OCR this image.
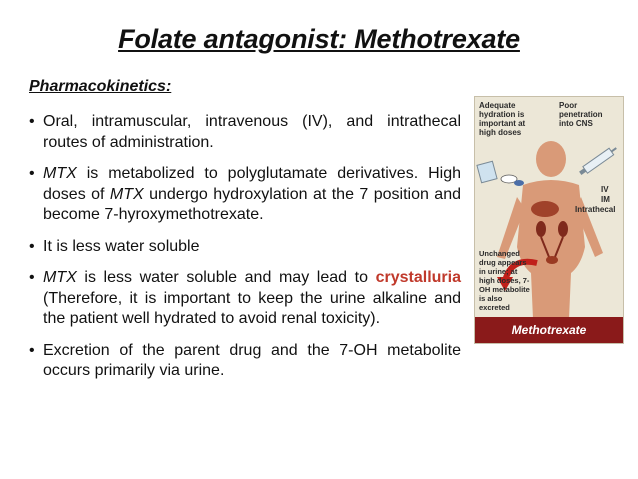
Folate antagonist: Methotrexate
Pharmacokinetics:
• Oral, intramuscular, intravenous (IV), and intrathecal routes of administration.
• MTX is metabolized to polyglutamate derivatives. High doses of MTX undergo hydroxylation at the 7 position and become 7-hyroxymethotrexate.
• It is less water soluble
• MTX is less water soluble and may lead to crystalluria (Therefore, it is important to keep the urine alkaline and the patient well hydrated to avoid renal toxicity).
• Excretion of the parent drug and the 7-OH metabolite occurs primarily via urine.
Adequate hydration is important at high doses
Poor penetration into CNS
IV
IM
Intrathecal
Unchanged drug appears in urine; at high doses, 7-OH metabolite is also excreted
Methotrexate
